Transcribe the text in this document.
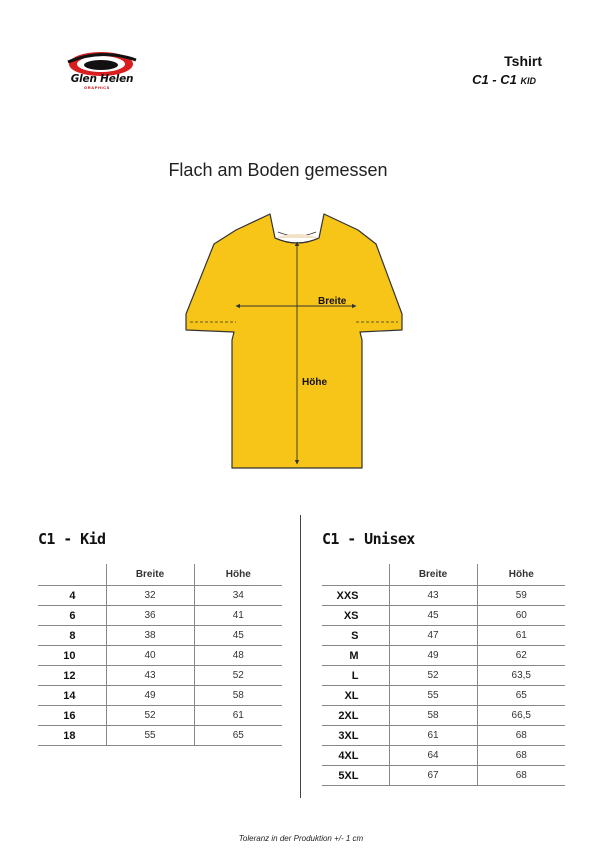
Glen Helen
GRAPHICS
Tshirt
C1 - C1 KID
Flach am Boden gemessen
Breite
Höhe
C1 - Kid	C1 - Unisex
	Breite	Höhe
4	32	34
6	36	41
8	38	45
10	40	48
12	43	52
14	49	58
16	52	61
18	55	65
	Breite	Höhe
XXS	43	59
XS	45	60
S	47	61
M	49	62
L	52	63,5
XL	55	65
2XL	58	66,5
3XL	61	68
4XL	64	68
5XL	67	68
Toleranz in der Produktion +/- 1 cm
